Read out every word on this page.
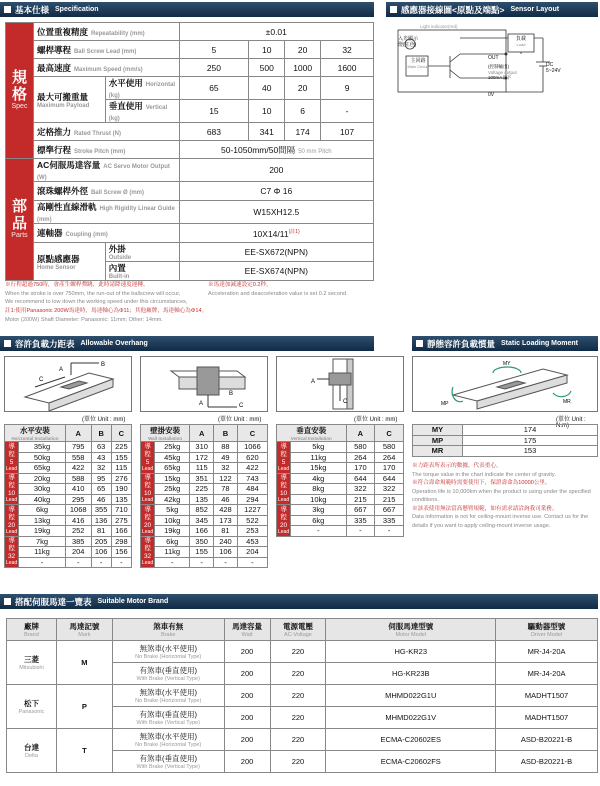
基本仕様 Specification
規格
Spec	位置重複精度 Repeatability (mm)		±0.01			
	螺桿導程 Ball Screw Lead (mm)		5	10	20	32
	最高速度 Maximum Speed (mm/s)		250	500	1000	1600
	最大可搬重量
Maximum Payload	水平使用 Horizontal (kg)	65	40	20	9
		垂直使用 Vertical (kg)	15	10	6	-
	定格推力 Rated Thrust (N)		683	341	174	107
	標準行程 Stroke Pitch (mm)		50-1050mm/50間隔 50 mm Pitch			
部品
Parts	AC伺服馬達容量 AC Servo Motor Output (W)		200			
	滾珠螺桿外徑 Ball Screw Ø (mm)		C7 Φ 16			
	高剛性直線滑軌 High Rigidity Linear Guide (mm)		W15XH12.5			
	連軸器 Coupling (mm)		$10X14/11^{(註1)}$
	原點感應器
Home Sensor	外掛
Outside	EE-SX672(NPN)			
		內置
Built-in	EE-SX674(NPN)			
※行程超過750時，會產生螺桿彈跳，此時請降速度運轉。
When the stroke is over 750mm, the run-out of the ballscrew will occur,
We recommend to low down the working speed under this circumstances,
※馬達加減速設定0.2秒。
Acceleration and deacceleration value is set 0.2 second.
註1:使用Panasonic 200W馬達時，馬達軸心為Φ11；其他廠牌，馬達軸心為Φ14。
Motor (200W) Shaft Diameter: Panasonic: 11mm; Other: 14mm.
感應器接線圖<原點及端點> Sensor Layout
入光顯示燈(紅色)
Light indicator(red)
主回路
Main Circuit
負載
Load
OUT
(控制輸出)
Voltage output
100mA以下
DC 5~24V
0V
容許負載力距表 Allowable Overhang
A
B
C
A	C
B
A
C
(單位 Unit : mm)	(單位 Unit : mm)	(單位 Unit : mm)
水平安裝
Horizontal Installation		A	B	C
導程
5
Lead	35kg	795	63	225
	50kg	558	43	155
	65kg	422	32	115
導程
10
Lead	20kg	588	95	276
	30kg	410	65	190
	40kg	295	46	135
導程
20
Lead	6kg	1068	355	710
	13kg	416	136	275
	19kg	252	81	166
導程
32
Lead	7kg	385	205	298
	11kg	204	106	156
	-	-	-	-
壁掛安裝
Wall Installation		A	B	C
導程
5
Lead	25kg	310	88	1066
	45kg	172	49	620
	65kg	115	32	422
導程
10
Lead	15kg	351	122	743
	25kg	225	78	484
	42kg	135	46	294
導程
20
Lead	5kg	852	428	1227
	10kg	345	173	522
	19kg	166	81	253
導程
32
Lead	6kg	350	240	453
	11kg	155	106	204
	-	-	-	-
垂直安裝
Vertical Installation		A	C
導程
5
Lead	5kg	580	580
	11kg	264	264
	15kg	170	170
導程
10
Lead	4kg	644	644
	8kg	322	322
	10kg	215	215
導程
20
Lead	3kg	667	667
	6kg	335	335
	-	-	-
靜態容許負載慣量 Static Loading Moment
MY
MP	MR
(單位 Unit : N.m)
MY	174
MP	175
MR	153
※力距表所表示的數據，代表重心。
The torque value in the chart indicate the center of gravity.
※符合壽命規範時需要使用下，保證壽命為10000公里。
Operation life is 10,000km when the product is using under the specified conditions.
※該表使用無法當高懸臂規範，如有需求請洽詢我司業務。
Data information is not for ceiling-mount inverse use. Contact us for the details if you want to apply ceiling-mount inverse usage.
搭配伺服馬達一覽表 Suitable Motor Brand
廠牌
Brand	馬達記號
Mark	煞車有無
Brake	馬達容量
Watt	電源電壓
AC-Voltage	伺服馬達型號
Motor Model	驅動器型號
Driver Model

三菱
Mitsubishi	M	無煞車(水平使用)
No Brake (Horizontal Type)	200	220	HG-KR23	MR-J4-20A
		有煞車(垂直使用)
With Brake (Vertical Type)	200	220	HG-KR23B	MR-J4-20A
松下
Panasonic	P	無煞車(水平使用)
No Brake (Horizontal Type)	200	220	MHMD022G1U	MADHT1507
		有煞車(垂直使用)
With Brake (Vertical Type)	200	220	MHMD022G1V	MADHT1507
台達
Delta	T	無煞車(水平使用)
No Brake (Horizontal Type)	200	220	ECMA-C20602ES	ASD-B20221-B
		有煞車(垂直使用)
With Brake (Vertical Type)	200	220	ECMA-C20602FS	ASD-B20221-B
